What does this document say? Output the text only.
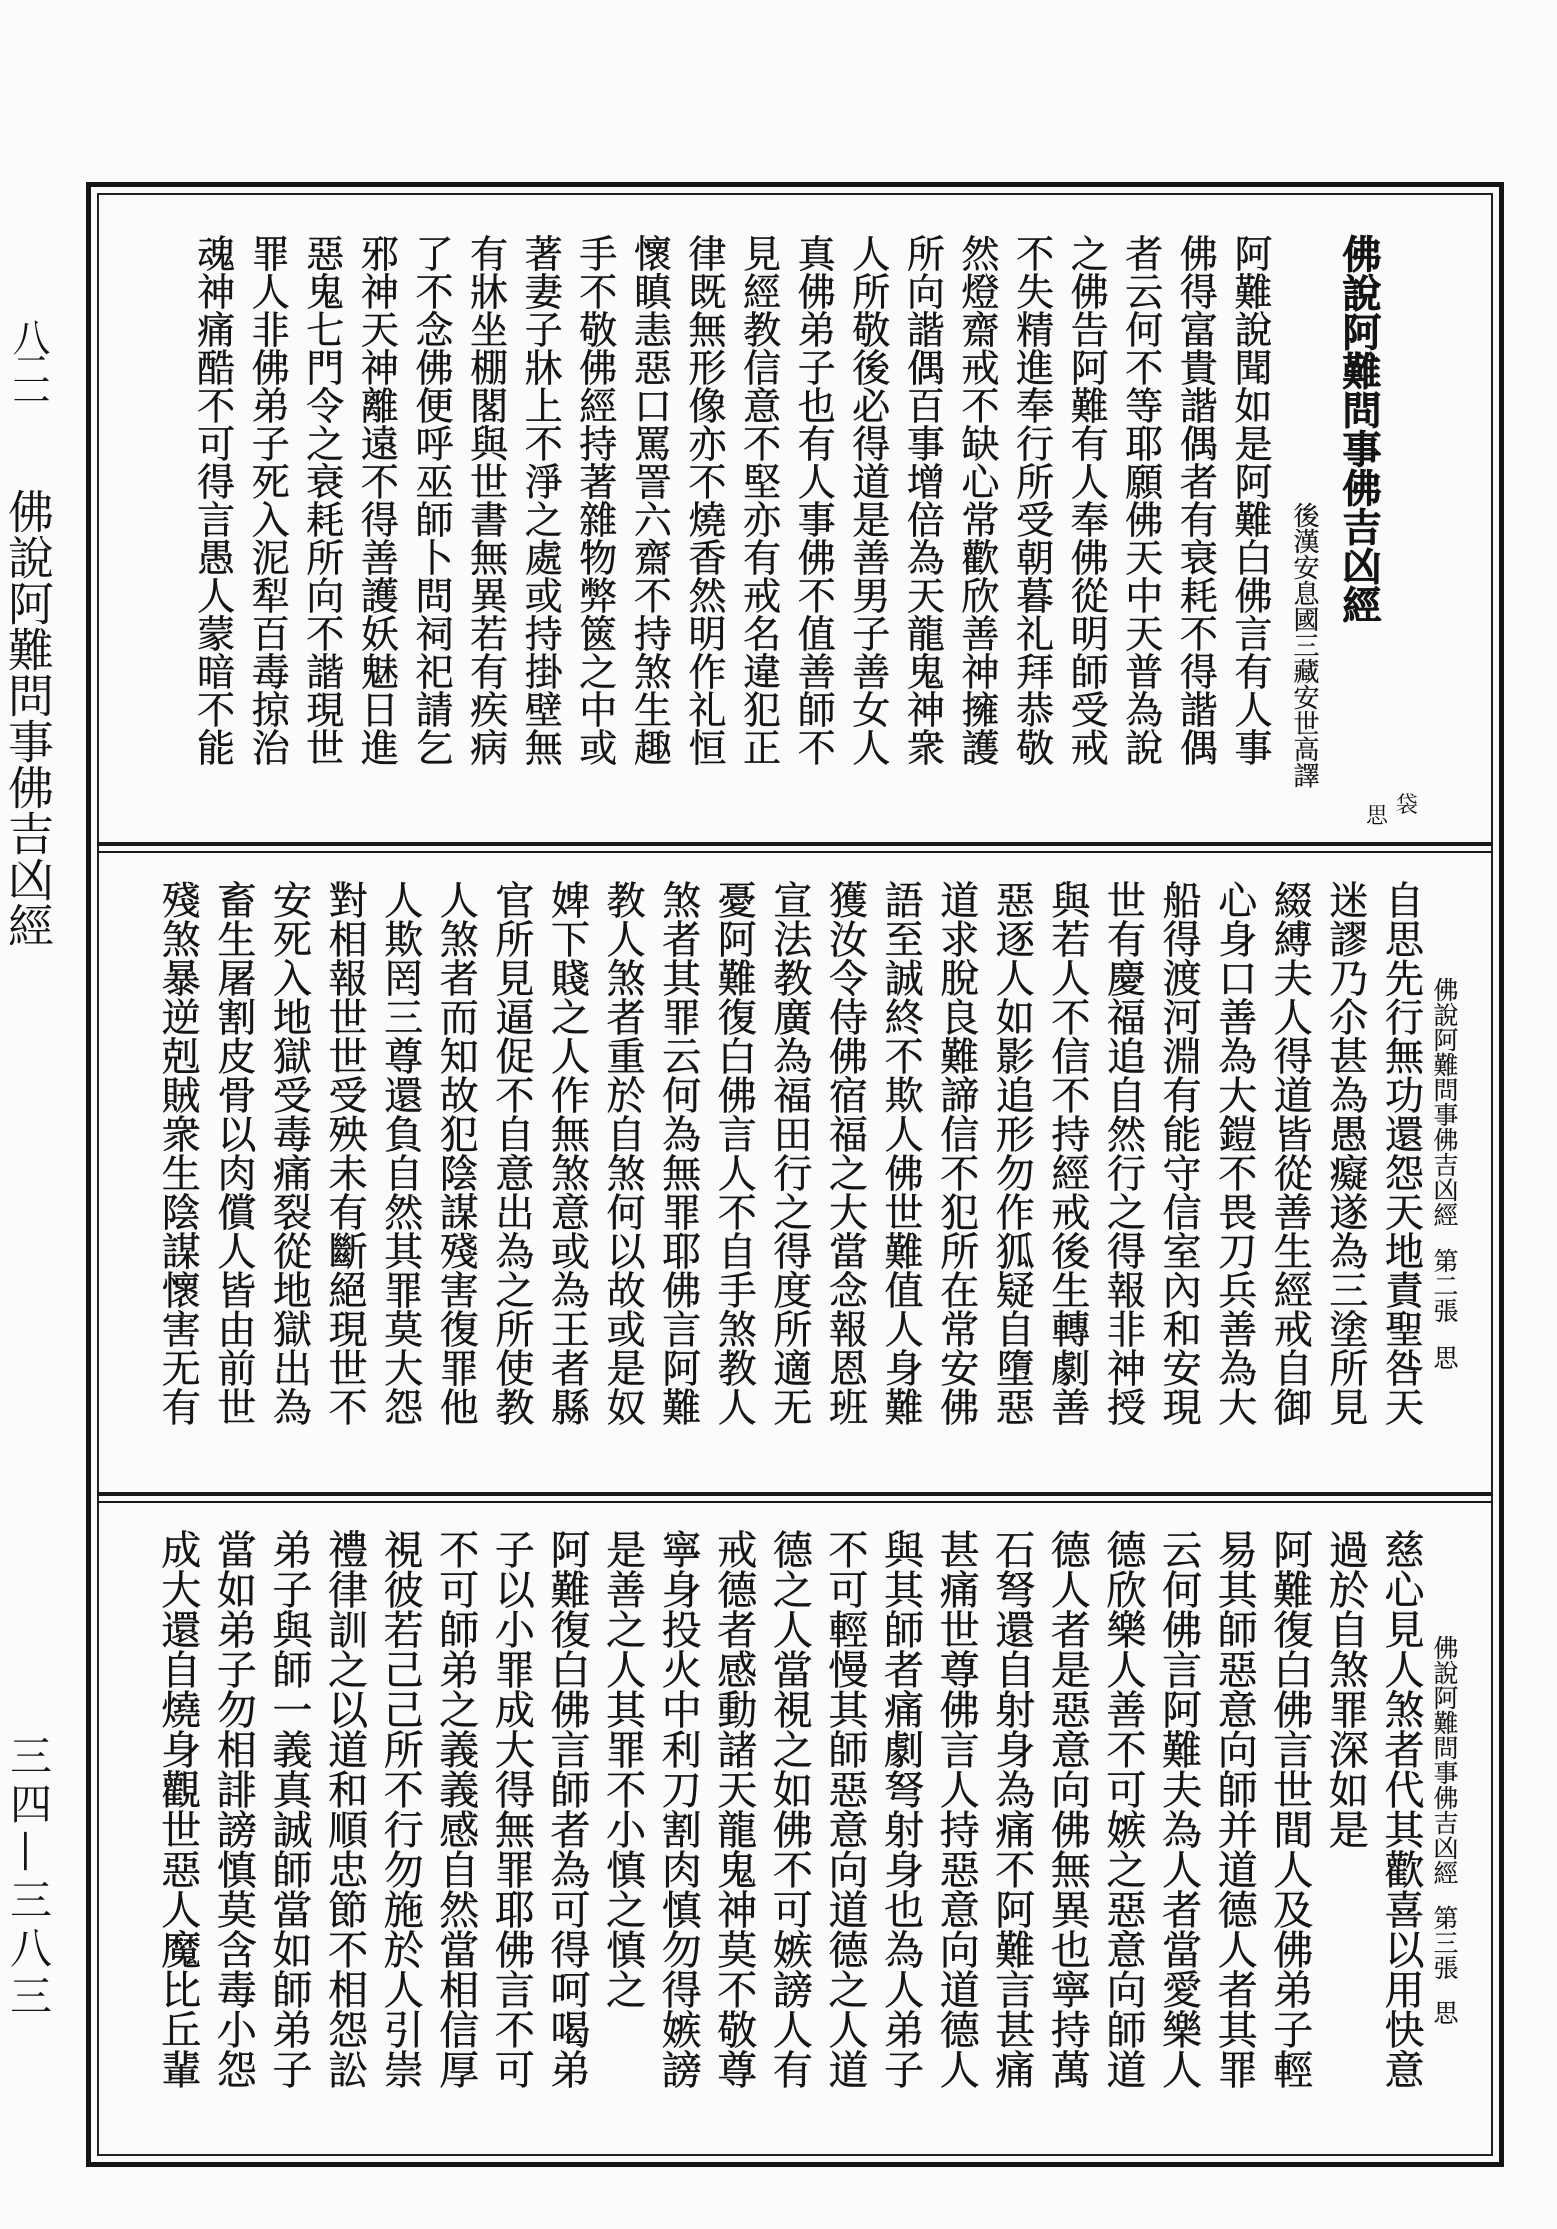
八二一
佛說阿難問事佛吉凶經
三四—三八三
佛說阿難問事佛吉凶經
後漢安息國三藏安世高譯
思 袋

阿難說聞如是阿難白佛言有人事

佛得富貴諧偶者有衰耗不得諧偶

者云何不等耶願佛天中天普為說

之佛告阿難有人奉佛從明師受戒

不失精進奉行所受朝暮礼拜恭敬

然燈齋戒不缺心常歡欣善神擁護

所向諧偶百事增倍為天龍鬼神衆

人所敬後必得道是善男子善女人

真佛弟子也有人事佛不值善師不

見經教信意不堅亦有戒名違犯正

律既無形像亦不燒香然明作礼恒

懷瞋恚惡口罵詈六齋不持煞生趣

手不敬佛經持著雜物弊篋之中或

著妻子牀上不淨之處或持掛壁無

有牀坐棚閣與世書無異若有疾病

了不念佛便呼巫師卜問祠祀請乞

邪神天神離遠不得善護妖魅日進

惡鬼七門令之衰耗所向不諧現世

罪人非佛弟子死入泥犁百毒掠治

魂神痛酷不可得言愚人蒙暗不能

佛說阿難問事佛吉凶經
第二張
思

自思先行無功還怨天地責聖咎天

迷謬乃尒甚為愚癡遂為三塗所見

綴縛夫人得道皆從善生經戒自御

心身口善為大鎧不畏刀兵善為大

船得渡河淵有能守信室內和安現

世有慶福追自然行之得報非神授

與若人不信不持經戒後生轉劇善

惡逐人如影追形勿作狐疑自墮惡

道求脫良難諦信不犯所在常安佛

語至誠終不欺人佛世難值人身難

獲汝令侍佛宿福之大當念報恩班

宣法教廣為福田行之得度所適无

憂阿難復白佛言人不自手煞教人

煞者其罪云何為無罪耶佛言阿難

教人煞者重於自煞何以故或是奴

婢下賤之人作無煞意或為王者縣

官所見逼促不自意出為之所使教

人煞者而知故犯陰謀殘害復罪他

人欺罔三尊還負自然其罪莫大怨

對相報世世受殃未有斷絕現世不

安死入地獄受毒痛裂從地獄出為

畜生屠割皮骨以肉償人皆由前世

殘煞暴逆剋賊衆生陰謀懷害无有

佛說阿難問事佛吉凶經
第三張
思

慈心見人煞者代其歡喜以用快意

過於自煞罪深如是

阿難復白佛言世間人及佛弟子輕

易其師惡意向師并道德人者其罪

云何佛言阿難夫為人者當愛樂人

德欣樂人善不可嫉之惡意向師道

德人者是惡意向佛無異也寧持萬

石弩還自射身為痛不阿難言甚痛

甚痛世尊佛言人持惡意向道德人

與其師者痛劇弩射身也為人弟子

不可輕慢其師惡意向道德之人道

德之人當視之如佛不可嫉謗人有

戒德者感動諸天龍鬼神莫不敬尊

寧身投火中利刀割肉慎勿得嫉謗

是善之人其罪不小慎之慎之

阿難復白佛言師者為可得呵喝弟

子以小罪成大得無罪耶佛言不可

不可師弟之義義感自然當相信厚

視彼若己己所不行勿施於人引崇

禮律訓之以道和順忠節不相怨訟

弟子與師一義真誠師當如師弟子

當如弟子勿相誹謗慎莫含毒小怨

成大還自燒身觀世惡人魔比丘輩
